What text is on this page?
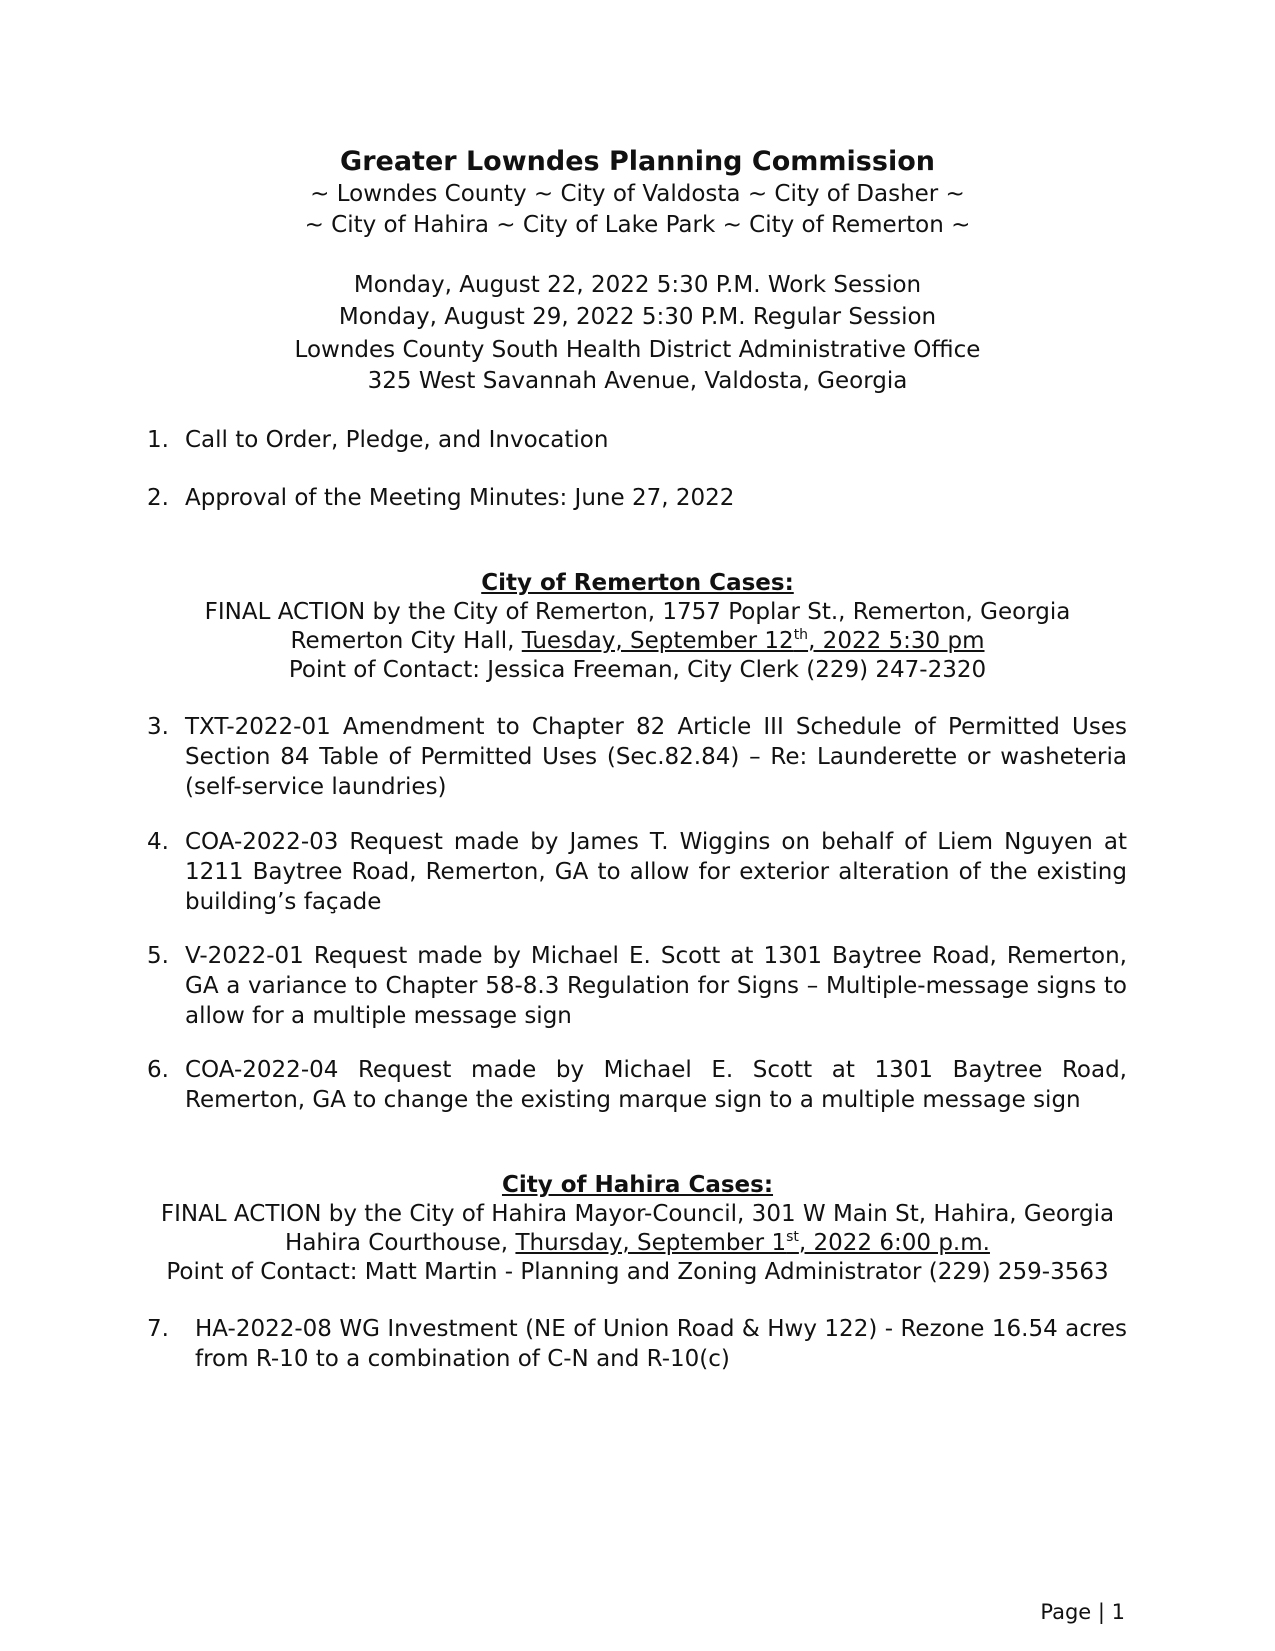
Greater Lowndes Planning Commission
~ Lowndes County ~ City of Valdosta ~ City of Dasher ~
~ City of Hahira ~ City of Lake Park ~ City of Remerton ~
Monday, August 22, 2022 5:30 P.M. Work Session
Monday, August 29, 2022 5:30 P.M. Regular Session
Lowndes County South Health District Administrative Office
325 West Savannah Avenue, Valdosta, Georgia
1. Call to Order, Pledge, and Invocation
2. Approval of the Meeting Minutes: June 27, 2022
City of Remerton Cases:
FINAL ACTION by the City of Remerton, 1757 Poplar St., Remerton, Georgia
Remerton City Hall, Tuesday, September 12th, 2022 5:30 pm
Point of Contact: Jessica Freeman, City Clerk (229) 247-2320
3. TXT-2022-01 Amendment to Chapter 82 Article III Schedule of Permitted Uses Section 84 Table of Permitted Uses (Sec.82.84) – Re: Launderette or washeteria (self-service laundries)
4. COA-2022-03 Request made by James T. Wiggins on behalf of Liem Nguyen at 1211 Baytree Road, Remerton, GA to allow for exterior alteration of the existing building’s façade
5. V-2022-01 Request made by Michael E. Scott at 1301 Baytree Road, Remerton, GA a variance to Chapter 58-8.3 Regulation for Signs – Multiple-message signs to allow for a multiple message sign
6. COA-2022-04 Request made by Michael E. Scott at 1301 Baytree Road, Remerton, GA to change the existing marque sign to a multiple message sign
City of Hahira Cases:
FINAL ACTION by the City of Hahira Mayor-Council, 301 W Main St, Hahira, Georgia
Hahira Courthouse, Thursday, September 1st, 2022 6:00 p.m.
Point of Contact: Matt Martin - Planning and Zoning Administrator (229) 259-3563
7. HA-2022-08 WG Investment (NE of Union Road & Hwy 122) - Rezone 16.54 acres from R-10 to a combination of C-N and R-10(c)
Page | 1
